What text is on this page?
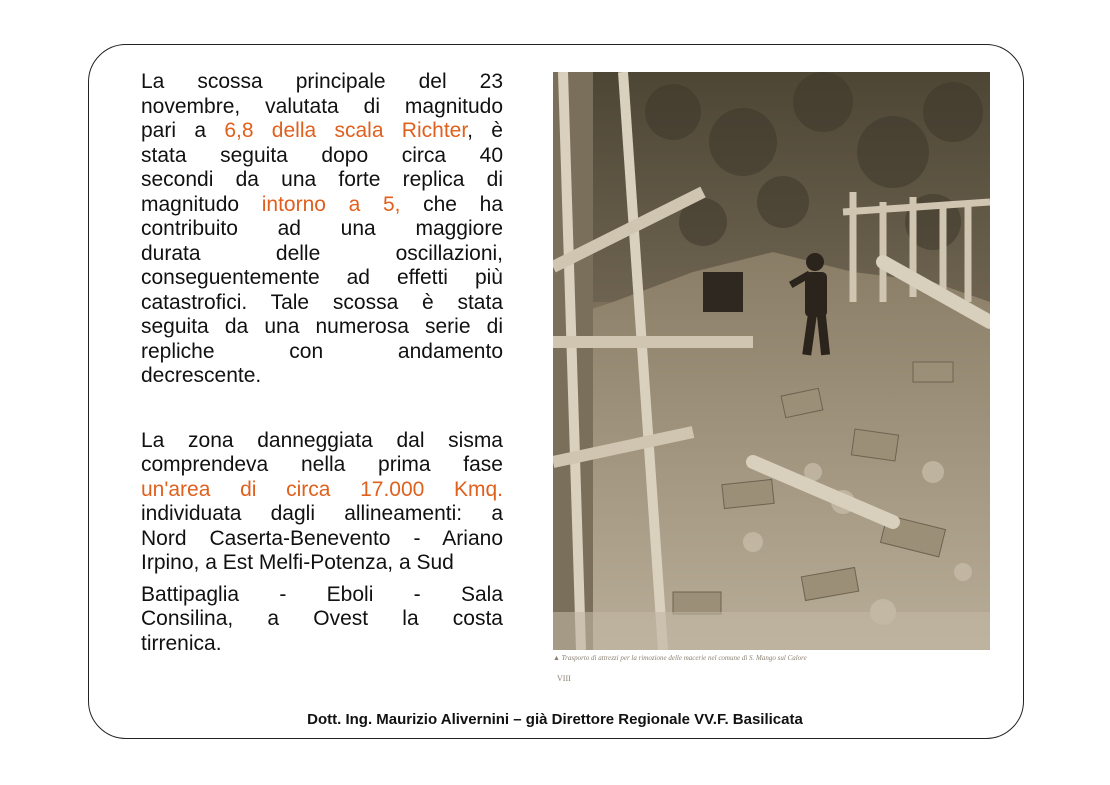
La scossa principale del 23
novembre, valutata di magnitudo
pari a 6,8 della scala Richter, è
stata seguita dopo circa 40
secondi da una forte replica di
magnitudo intorno a 5, che ha
contribuito ad una maggiore
durata delle oscillazioni,
conseguentemente ad effetti più
catastrofici. Tale scossa è stata
seguita da una numerosa serie di
repliche con andamento
decrescente.
La zona danneggiata dal sisma
comprendeva nella prima fase
un'area di circa 17.000 Kmq.
individuata dagli allineamenti: a
Nord Caserta-Benevento - Ariano
Irpino, a Est Melfi-Potenza, a Sud
Battipaglia - Eboli - Sala
Consilina, a Ovest la costa
tirrenica.
▲ Trasporto di attrezzi per la rimozione delle macerie nel comune di S. Mango sul Calore
VIII
Dott. Ing. Maurizio Alivernini – già Direttore Regionale VV.F. Basilicata
